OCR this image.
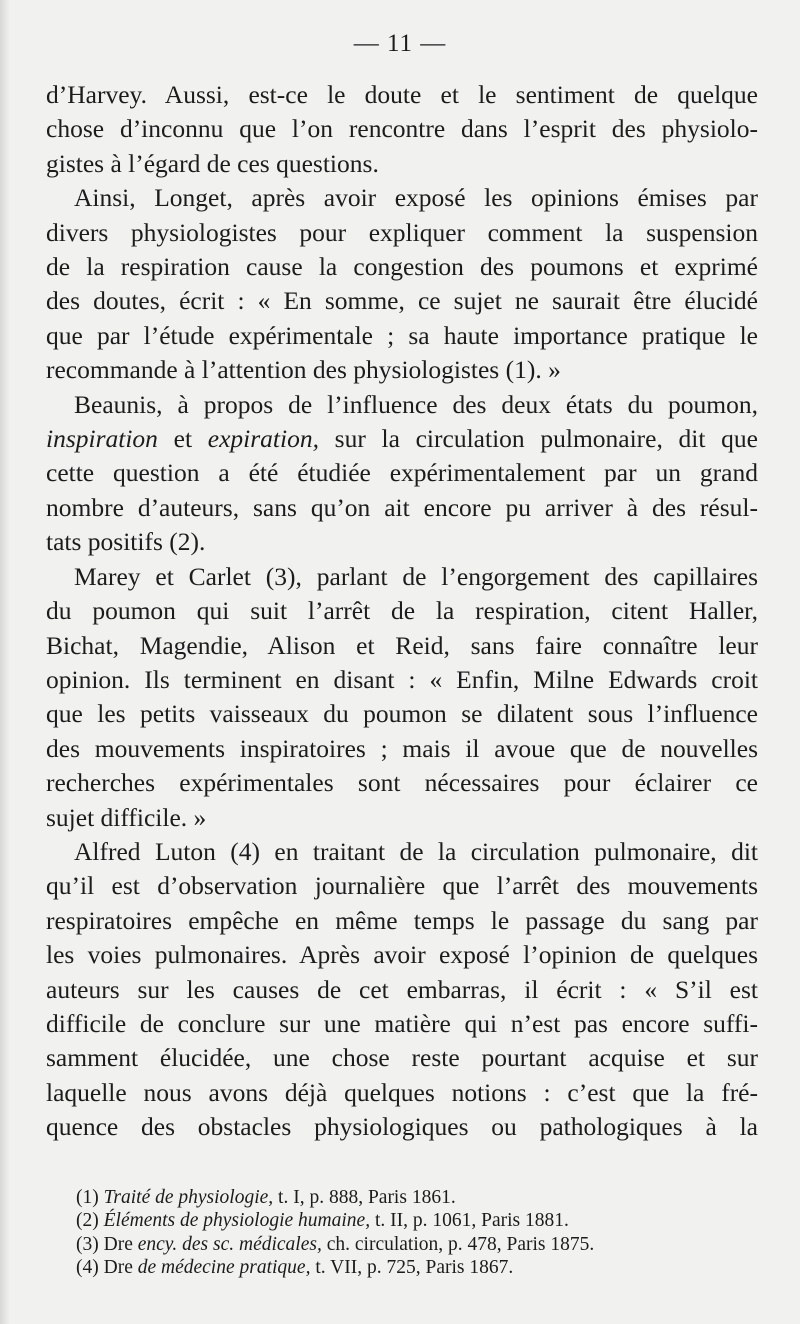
— 11 —

d’Harvey. Aussi, est-ce le doute et le sentiment de quelque
chose d’inconnu que l’on rencontre dans l’esprit des physiolo-
gistes à l’égard de ces questions.

Ainsi, Longet, après avoir exposé les opinions émises par
divers physiologistes pour expliquer comment la suspension
de la respiration cause la congestion des poumons et exprimé
des doutes, écrit : « En somme, ce sujet ne saurait être élucidé
que par l’étude expérimentale ; sa haute importance pratique le
recommande à l’attention des physiologistes (1). »

Beaunis, à propos de l’influence des deux états du poumon,
inspiration et expiration, sur la circulation pulmonaire, dit que
cette question a été étudiée expérimentalement par un grand
nombre d’auteurs, sans qu’on ait encore pu arriver à des résul-
tats positifs (2).

Marey et Carlet (3), parlant de l’engorgement des capillaires
du poumon qui suit l’arrêt de la respiration, citent Haller,
Bichat, Magendie, Alison et Reid, sans faire connaître leur
opinion. Ils terminent en disant : « Enfin, Milne Edwards croit
que les petits vaisseaux du poumon se dilatent sous l’influence
des mouvements inspiratoires ; mais il avoue que de nouvelles
recherches expérimentales sont nécessaires pour éclairer ce
sujet difficile. »

Alfred Luton (4) en traitant de la circulation pulmonaire, dit
qu’il est d’observation journalière que l’arrêt des mouvements
respiratoires empêche en même temps le passage du sang par
les voies pulmonaires. Après avoir exposé l’opinion de quelques
auteurs sur les causes de cet embarras, il écrit : « S’il est
difficile de conclure sur une matière qui n’est pas encore suffi-
samment élucidée, une chose reste pourtant acquise et sur
laquelle nous avons déjà quelques notions : c’est que la fré-
quence des obstacles physiologiques ou pathologiques à la

(1) Traité de physiologie, t. I, p. 888, Paris 1861.

(2) Éléments de physiologie humaine, t. II, p. 1061, Paris 1881.

(3) Dre ency. des sc. médicales, ch. circulation, p. 478, Paris 1875.

(4) Dre de médecine pratique, t. VII, p. 725, Paris 1867.
